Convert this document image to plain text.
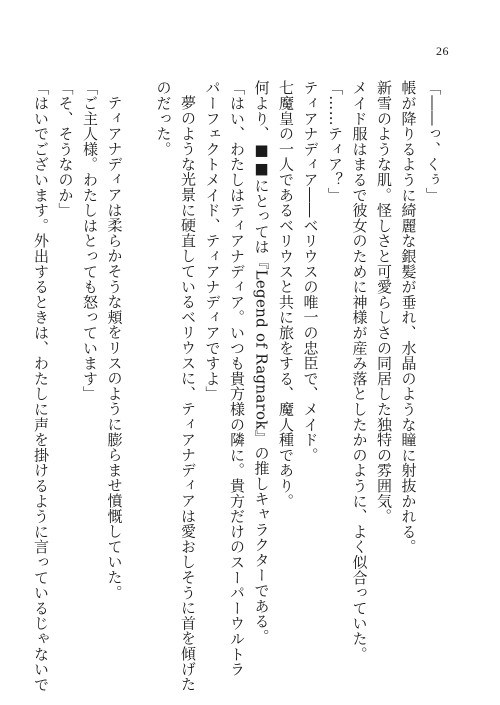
26
「――っ、くぅ」
帳が降りるように綺麗な銀髪が垂れ、水晶のような瞳に射抜かれる。
新雪のような肌。怪しさと可愛らしさの同居した独特の雰囲気。
メイド服はまるで彼女のために神様が産み落としたかのように、よく似合っていた。
「……ティア？」
ティアナディア――ベリウスの唯一の忠臣で、メイド。
七魔皇の一人であるベリウスと共に旅をする、魔人種であり。
何より、■■にとっては『Legend of Ragnarok』の推しキャラクターである。
「はい、わたしはティアナディア。いつも貴方様の隣に。貴方だけのスーパーウルトラ
パーフェクトメイド、ティアナディアですよ」
夢のような光景に硬直しているベリウスに、ティアナディアは愛おしそうに首を傾げた
のだった。
ティアナディアは柔らかそうな頬をリスのように膨らませ憤慨していた。
「ご主人様。わたしはとっても怒っています」
「そ、そうなのか」
「はいでございます。外出するときは、わたしに声を掛けるように言っているじゃないで
